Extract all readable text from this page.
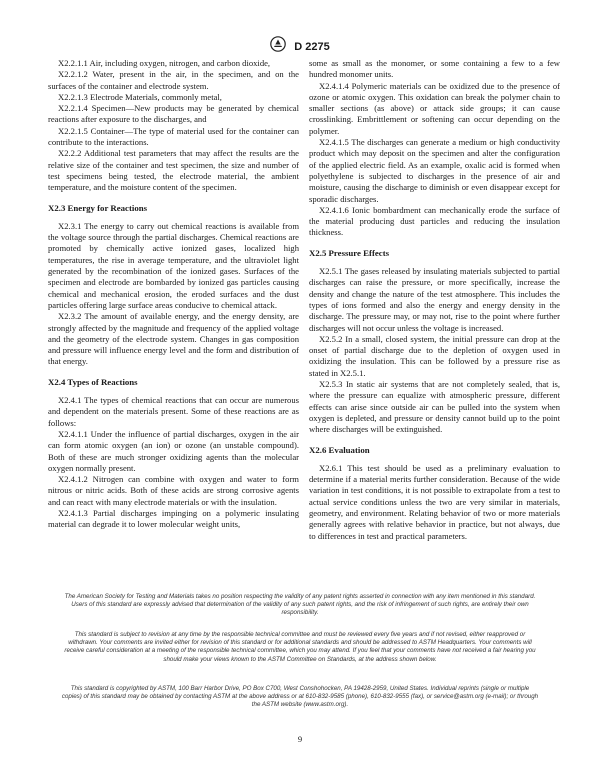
D 2275

X2.2.1.1 Air, including oxygen, nitrogen, and carbon dioxide,

X2.2.1.2 Water, present in the air, in the specimen, and on the surfaces of the container and electrode system.

X2.2.1.3 Electrode Materials, commonly metal,

X2.2.1.4 Specimen—New products may be generated by chemical reactions after exposure to the discharges, and

X2.2.1.5 Container—The type of material used for the container can contribute to the interactions.

X2.2.2 Additional test parameters that may affect the results are the relative size of the container and test specimen, the size and number of test specimens being tested, the electrode material, the ambient temperature, and the moisture content of the specimen.

X2.3 Energy for Reactions

X2.3.1 The energy to carry out chemical reactions is available from the voltage source through the partial discharges. Chemical reactions are promoted by chemically active ionized gases, localized high temperatures, the rise in average temperature, and the ultraviolet light generated by the recombination of the ionized gases. Surfaces of the specimen and electrode are bombarded by ionized gas particles causing chemical and mechanical erosion, the eroded surfaces and the dust particles offering large surface areas conducive to chemical attack.

X2.3.2 The amount of available energy, and the energy density, are strongly affected by the magnitude and frequency of the applied voltage and the geometry of the electrode system. Changes in gas composition and pressure will influence energy level and the form and distribution of that energy.

X2.4 Types of Reactions

X2.4.1 The types of chemical reactions that can occur are numerous and dependent on the materials present. Some of these reactions are as follows:

X2.4.1.1 Under the influence of partial discharges, oxygen in the air can form atomic oxygen (an ion) or ozone (an unstable compound). Both of these are much stronger oxidizing agents than the molecular oxygen normally present.

X2.4.1.2 Nitrogen can combine with oxygen and water to form nitrous or nitric acids. Both of these acids are strong corrosive agents and can react with many electrode materials or with the insulation.

X2.4.1.3 Partial discharges impinging on a polymeric insulating material can degrade it to lower molecular weight units,

some as small as the monomer, or some containing a few to a few hundred monomer units.

X2.4.1.4 Polymeric materials can be oxidized due to the presence of ozone or atomic oxygen. This oxidation can break the polymer chain to smaller sections (as above) or attack side groups; it can cause crosslinking. Embrittlement or softening can occur depending on the polymer.

X2.4.1.5 The discharges can generate a medium or high conductivity product which may deposit on the specimen and alter the configuration of the applied electric field. As an example, oxalic acid is formed when polyethylene is subjected to discharges in the presence of air and moisture, causing the discharge to diminish or even disappear except for sporadic discharges.

X2.4.1.6 Ionic bombardment can mechanically erode the surface of the material producing dust particles and reducing the insulation thickness.

X2.5 Pressure Effects

X2.5.1 The gases released by insulating materials subjected to partial discharges can raise the pressure, or more specifically, increase the density and change the nature of the test atmosphere. This includes the types of ions formed and also the energy and energy density in the discharge. The pressure may, or may not, rise to the point where further discharges will not occur unless the voltage is increased.

X2.5.2 In a small, closed system, the initial pressure can drop at the onset of partial discharge due to the depletion of oxygen used in oxidizing the insulation. This can be followed by a pressure rise as stated in X2.5.1.

X2.5.3 In static air systems that are not completely sealed, that is, where the pressure can equalize with atmospheric pressure, different effects can arise since outside air can be pulled into the system when oxygen is depleted, and pressure or density cannot build up to the point where discharges will be extinguished.

X2.6 Evaluation

X2.6.1 This test should be used as a preliminary evaluation to determine if a material merits further consideration. Because of the wide variation in test conditions, it is not possible to extrapolate from a test to actual service conditions unless the two are very similar in materials, geometry, and environment. Relating behavior of two or more materials generally agrees with relative behavior in practice, but not always, due to differences in test and practical parameters.

The American Society for Testing and Materials takes no position respecting the validity of any patent rights asserted in connection with any item mentioned in this standard. Users of this standard are expressly advised that determination of the validity of any such patent rights, and the risk of infringement of such rights, are entirely their own responsibility.
This standard is subject to revision at any time by the responsible technical committee and must be reviewed every five years and if not revised, either reapproved or withdrawn. Your comments are invited either for revision of this standard or for additional standards and should be addressed to ASTM Headquarters. Your comments will receive careful consideration at a meeting of the responsible technical committee, which you may attend. If you feel that your comments have not received a fair hearing you should make your views known to the ASTM Committee on Standards, at the address shown below.
This standard is copyrighted by ASTM, 100 Barr Harbor Drive, PO Box C700, West Conshohocken, PA 19428-2959, United States. Individual reprints (single or multiple copies) of this standard may be obtained by contacting ASTM at the above address or at 610-832-9585 (phone), 610-832-9555 (fax), or service@astm.org (e-mail); or through the ASTM website (www.astm.org).
9
